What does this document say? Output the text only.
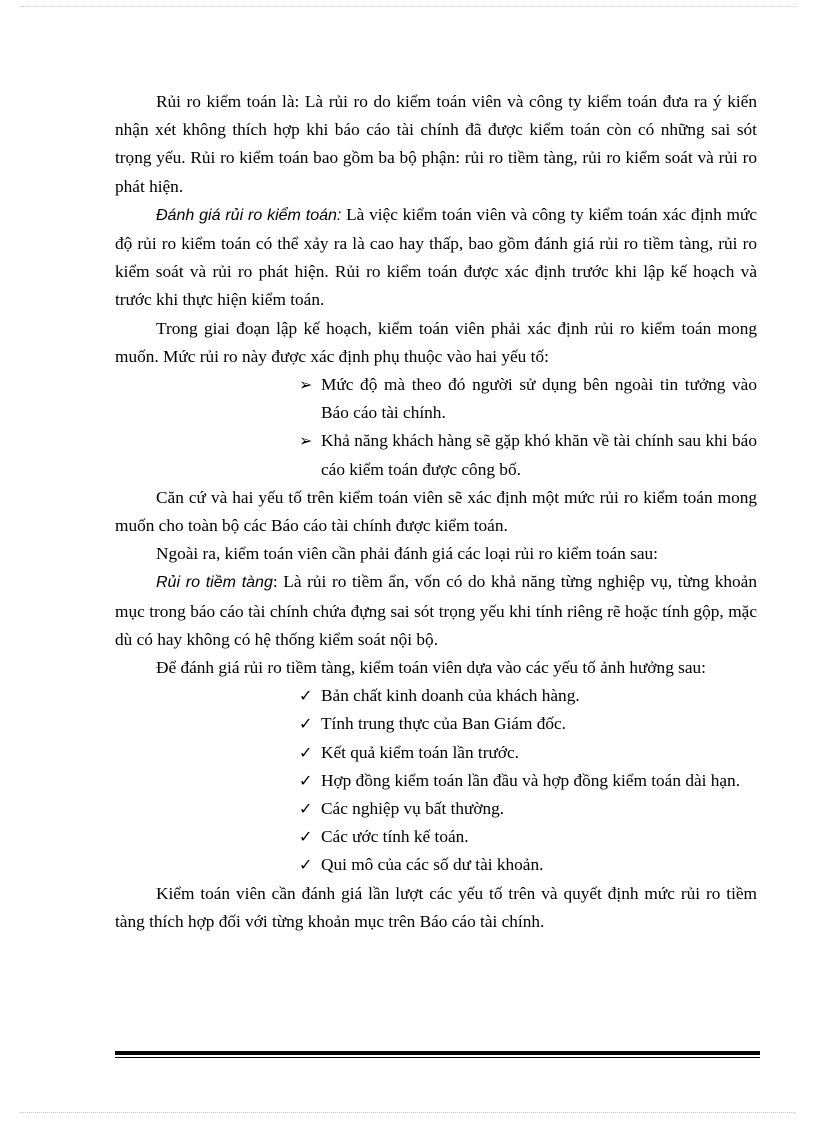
Rủi ro kiểm toán là: Là rủi ro do kiểm toán viên và công ty kiểm toán đưa ra ý kiến nhận xét không thích hợp khi báo cáo tài chính đã được kiểm toán còn có những sai sót trọng yếu. Rủi ro kiểm toán bao gồm ba bộ phận: rủi ro tiềm tàng, rủi ro kiểm soát và rủi ro phát hiện.

Đánh giá rủi ro kiểm toán: Là việc kiểm toán viên và công ty kiểm toán xác định mức độ rủi ro kiểm toán có thể xảy ra là cao hay thấp, bao gồm đánh giá rủi ro tiềm tàng, rủi ro kiểm soát và rủi ro phát hiện. Rủi ro kiểm toán được xác định trước khi lập kế hoạch và trước khi thực hiện kiểm toán.

Trong giai đoạn lập kế hoạch, kiểm toán viên phải xác định rủi ro kiểm toán mong muốn. Mức rủi ro này được xác định phụ thuộc vào hai yếu tố:

➢ Mức độ mà theo đó người sử dụng bên ngoài tin tưởng vào Báo cáo tài chính.
➢ Khả năng khách hàng sẽ gặp khó khăn về tài chính sau khi báo cáo kiểm toán được công bố.

Căn cứ và hai yếu tố trên kiểm toán viên sẽ xác định một mức rủi ro kiểm toán mong muốn cho toàn bộ các Báo cáo tài chính được kiểm toán.

Ngoài ra, kiểm toán viên cần phải đánh giá các loại rủi ro kiểm toán sau:

Rủi ro tiềm tàng: Là rủi ro tiềm ẩn, vốn có do khả năng từng nghiệp vụ, từng khoản mục trong báo cáo tài chính chứa đựng sai sót trọng yếu khi tính riêng rẽ hoặc tính gộp, mặc dù có hay không có hệ thống kiểm soát nội bộ.

Để đánh giá rủi ro tiềm tàng, kiểm toán viên dựa vào các yếu tố ảnh hưởng sau:

✓ Bản chất kinh doanh của khách hàng.
✓ Tính trung thực của Ban Giám đốc.
✓ Kết quả kiểm toán lần trước.
✓ Hợp đồng kiểm toán lần đầu và hợp đồng kiểm toán dài hạn.
✓ Các nghiệp vụ bất thường.
✓ Các ước tính kế toán.
✓ Qui mô của các số dư tài khoản.

Kiểm toán viên cần đánh giá lần lượt các yếu tố trên và quyết định mức rủi ro tiềm tàng thích hợp đối với từng khoản mục trên Báo cáo tài chính.
